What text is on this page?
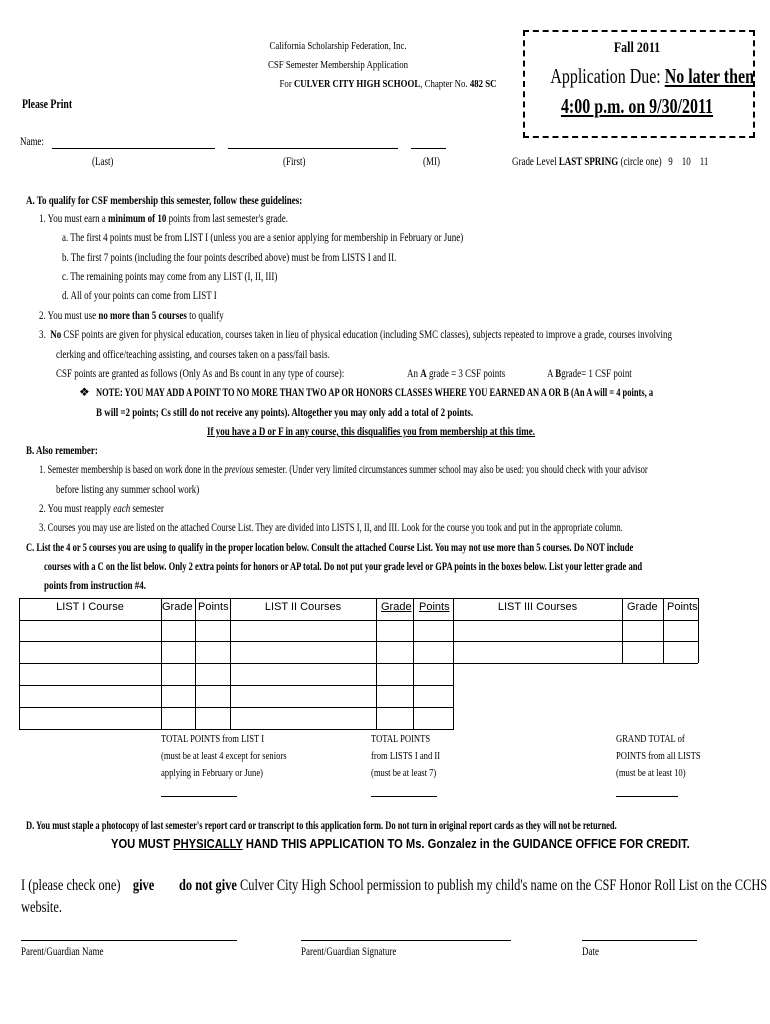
California Scholarship Federation, Inc.
CSF Semester Membership Application
For CULVER CITY HIGH SCHOOL, Chapter No. 482 SC
Please Print
Fall 2011
Application Due: No later then
4:00 p.m. on 9/30/2011
Name:
(Last)	(First)	(MI)	Grade Level LAST SPRING (circle one) 9 10 11
A. To qualify for CSF membership this semester, follow these guidelines:
1. You must earn a minimum of 10 points from last semester's grade.
a. The first 4 points must be from LIST I (unless you are a senior applying for membership in February or June)
b. The first 7 points (including the four points described above) must be from LISTS I and II.
c. The remaining points may come from any LIST (I, II, III)
d. All of your points can come from LIST I
2. You must use no more than 5 courses to qualify
3. No CSF points are given for physical education, courses taken in lieu of physical education (including SMC classes), subjects repeated to improve a grade, courses involving
clerking and office/teaching assisting, and courses taken on a pass/fail basis.
CSF points are granted as follows (Only As and Bs count in any type of course):	An A grade = 3 CSF points	A Bgrade= 1 CSF point
❖ NOTE: YOU MAY ADD A POINT TO NO MORE THAN TWO AP OR HONORS CLASSES WHERE YOU EARNED AN A OR B (An A will = 4 points, a
B will =2 points; Cs still do not receive any points). Altogether you may only add a total of 2 points.
If you have a D or F in any course, this disqualifies you from membership at this time.
B. Also remember:
1. Semester membership is based on work done in the previous semester. (Under very limited circumstances summer school may also be used: you should check with your advisor
before listing any summer school work)
2. You must reapply each semester
3. Courses you may use are listed on the attached Course List. They are divided into LISTS I, II, and III. Look for the course you took and put in the appropriate column.
C. List the 4 or 5 courses you are using to qualify in the proper location below. Consult the attached Course List. You may not use more than 5 courses. Do NOT include
courses with a C on the list below. Only 2 extra points for honors or AP total. Do not put your grade level or GPA points in the boxes below. List your letter grade and
points from instruction #4.
LIST I Course	Grade Points	LIST II Courses	Grade Points	LIST III Courses	Grade Points
TOTAL POINTS from LIST I
(must be at least 4 except for seniors
applying in February or June)
TOTAL POINTS
from LISTS I and II
(must be at least 7)
GRAND TOTAL of
POINTS from all LISTS
(must be at least 10)
D. You must staple a photocopy of last semester's report card or transcript to this application form. Do not turn in original report cards as they will not be returned.
YOU MUST PHYSICALLY HAND THIS APPLICATION TO Ms. Gonzalez in the GUIDANCE OFFICE FOR CREDIT.
I (please check one) give do not give Culver City High School permission to publish my child's name on the CSF Honor Roll List on the CCHS
website.
Parent/Guardian Name	Parent/Guardian Signature	Date
